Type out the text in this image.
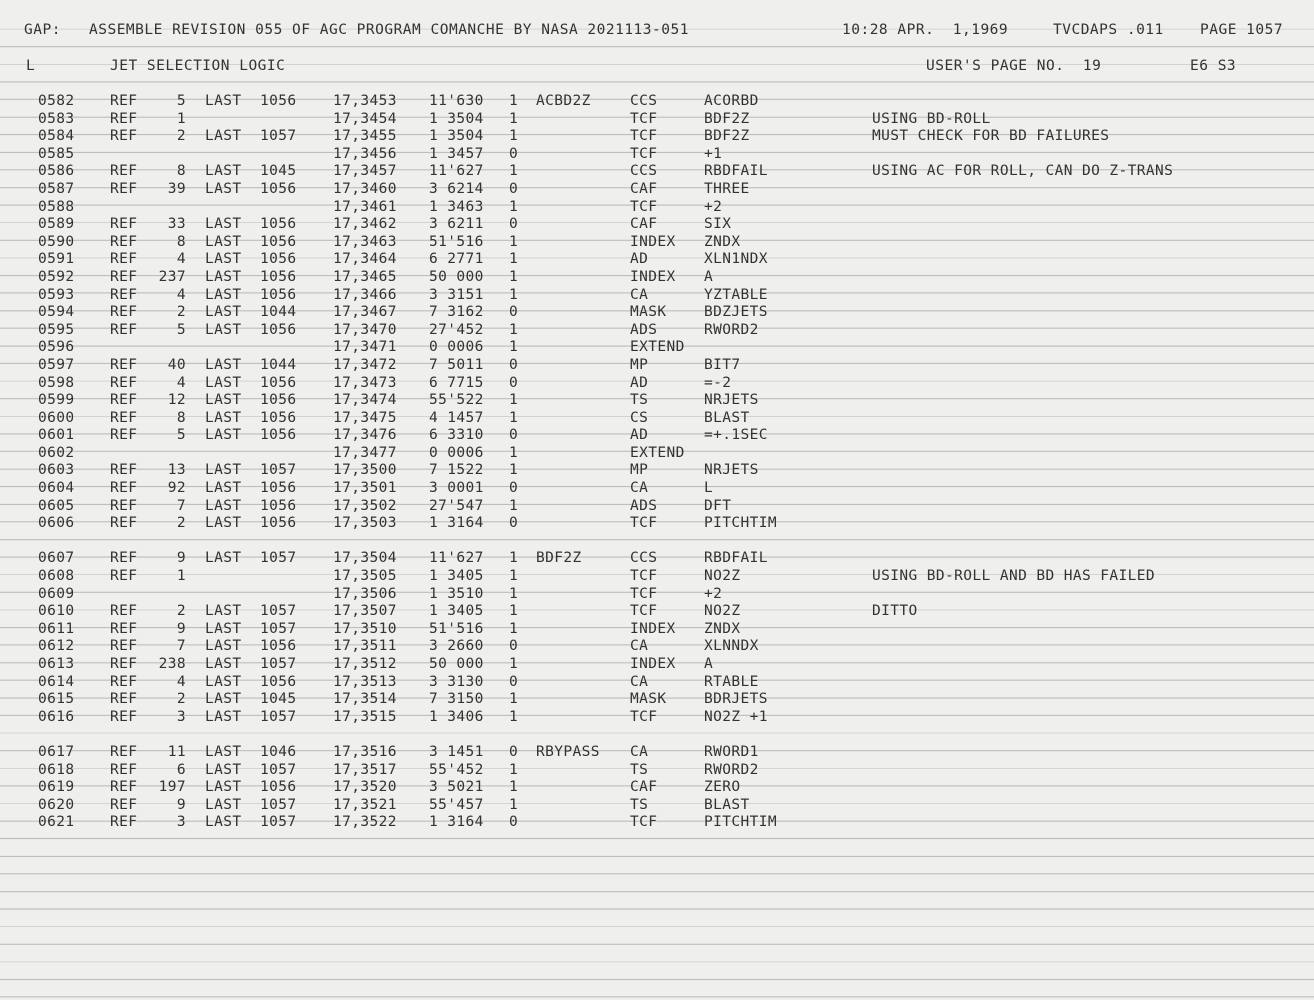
GAP:

ASSEMBLE REVISION 055 OF AGC PROGRAM COMANCHE BY NASA 2021113-051

	10:28 APR.  1,1969

	TVCDAPS .011

PAGE 1057

L

	JET SELECTION LOGIC

	USER'S PAGE NO.  19

	E6 S3

0582	REF	5 LAST 1056	17,3453	11'630	1	ACBD2Z	CCS	ACORBD
0583	REF	1	17,3454	1 3504	1	TCF	BDF2Z	USING BD-ROLL
0584	REF	2 LAST 1057	17,3455	1 3504	1	TCF	BDF2Z	MUST CHECK FOR BD FAILURES
0585	17,3456	1 3457	0	TCF	+1
0586	REF	8 LAST 1045	17,3457	11'627	1	CCS	RBDFAIL	USING AC FOR ROLL, CAN DO Z-TRANS
0587	REF	39 LAST 1056	17,3460	3 6214	0	CAF	THREE
0588	17,3461	1 3463	1	TCF	+2
0589	REF	33 LAST 1056	17,3462	3 6211	0	CAF	SIX
0590	REF	8 LAST 1056	17,3463	51'516	1	INDEX	ZNDX
0591	REF	4 LAST 1056	17,3464	6 2771	1	AD	XLN1NDX
0592	REF	237 LAST 1056	17,3465	50 000	1	INDEX	A
0593	REF	4 LAST 1056	17,3466	3 3151	1	CA	YZTABLE
0594	REF	2 LAST 1044	17,3467	7 3162	0	MASK	BDZJETS
0595	REF	5 LAST 1056	17,3470	27'452	1	ADS	RWORD2
0596	17,3471	0 0006	1	EXTEND
0597	REF	40 LAST 1044	17,3472	7 5011	0	MP	BIT7
0598	REF	4 LAST 1056	17,3473	6 7715	0	AD	=-2
0599	REF	12 LAST 1056	17,3474	55'522	1	TS	NRJETS
0600	REF	8 LAST 1056	17,3475	4 1457	1	CS	BLAST
0601	REF	5 LAST 1056	17,3476	6 3310	0	AD	=+.1SEC
0602	17,3477	0 0006	1	EXTEND
0603	REF	13 LAST 1057	17,3500	7 1522	1	MP	NRJETS
0604	REF	92 LAST 1056	17,3501	3 0001	0	CA	L
0605	REF	7 LAST 1056	17,3502	27'547	1	ADS	DFT
0606	REF	2 LAST 1056	17,3503	1 3164	0	TCF	PITCHTIM
0607	REF	9 LAST 1057	17,3504	11'627	1	BDF2Z	CCS	RBDFAIL
0608	REF	1	17,3505	1 3405	1	TCF	NO2Z	USING BD-ROLL AND BD HAS FAILED
0609	17,3506	1 3510	1	TCF	+2
0610	REF	2 LAST 1057	17,3507	1 3405	1	TCF	NO2Z	DITTO
0611	REF	9 LAST 1057	17,3510	51'516	1	INDEX	ZNDX
0612	REF	7 LAST 1056	17,3511	3 2660	0	CA	XLNNDX
0613	REF	238 LAST 1057	17,3512	50 000	1	INDEX	A
0614	REF	4 LAST 1056	17,3513	3 3130	0	CA	RTABLE
0615	REF	2 LAST 1045	17,3514	7 3150	1	MASK	BDRJETS
0616	REF	3 LAST 1057	17,3515	1 3406	1	TCF	NO2Z +1
0617	REF	11 LAST 1046	17,3516	3 1451	0	RBYPASS	CA	RWORD1
0618	REF	6 LAST 1057	17,3517	55'452	1	TS	RWORD2
0619	REF	197 LAST 1056	17,3520	3 5021	1	CAF	ZERO
0620	REF	9 LAST 1057	17,3521	55'457	1	TS	BLAST
0621	REF	3 LAST 1057	17,3522	1 3164	0	TCF	PITCHTIM
